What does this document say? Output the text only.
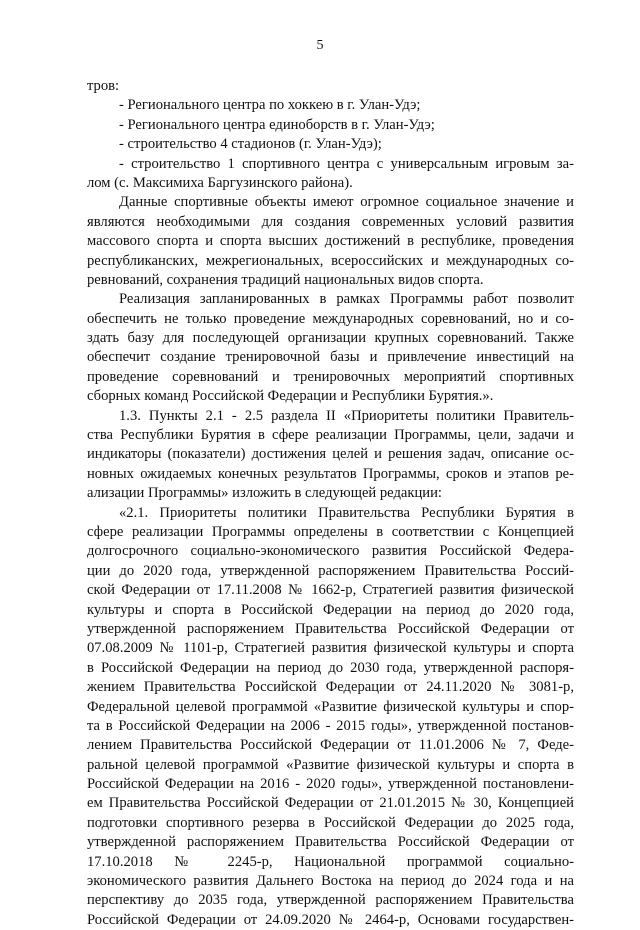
5
тров:
- Регионального центра по хоккею в г. Улан-Удэ;
- Регионального центра единоборств в г. Улан-Удэ;
- строительство 4 стадионов (г. Улан-Удэ);
- строительство 1 спортивного центра с универсальным игровым за-
лом (с. Максимиха Баргузинского района).
Данные спортивные объекты имеют огромное социальное значение и
являются необходимыми для создания современных условий развития
массового спорта и спорта высших достижений в республике, проведения
республиканских, межрегиональных, всероссийских и международных со-
ревнований, сохранения традиций национальных видов спорта.
Реализация запланированных в рамках Программы работ позволит
обеспечить не только проведение международных соревнований, но и со-
здать базу для последующей организации крупных соревнований. Также
обеспечит создание тренировочной базы и привлечение инвестиций на
проведение соревнований и тренировочных мероприятий спортивных
сборных команд Российской Федерации и Республики Бурятия.».
1.3. Пункты 2.1 - 2.5 раздела II «Приоритеты политики Правитель-
ства Республики Бурятия в сфере реализации Программы, цели, задачи и
индикаторы (показатели) достижения целей и решения задач, описание ос-
новных ожидаемых конечных результатов Программы, сроков и этапов ре-
ализации Программы» изложить в следующей редакции:
«2.1. Приоритеты политики Правительства Республики Бурятия в
сфере реализации Программы определены в соответствии с Концепцией
долгосрочного социально-экономического развития Российской Федера-
ции до 2020 года, утвержденной распоряжением Правительства Россий-
ской Федерации от 17.11.2008 № 1662-р, Стратегией развития физической
культуры и спорта в Российской Федерации на период до 2020 года,
утвержденной распоряжением Правительства Российской Федерации от
07.08.2009 № 1101-р, Стратегией развития физической культуры и спорта
в Российской Федерации на период до 2030 года, утвержденной распоря-
жением Правительства Российской Федерации от 24.11.2020 № 3081-р,
Федеральной целевой программой «Развитие физической культуры и спор-
та в Российской Федерации на 2006 - 2015 годы», утвержденной постанов-
лением Правительства Российской Федерации от 11.01.2006 № 7, Феде-
ральной целевой программой «Развитие физической культуры и спорта в
Российской Федерации на 2016 - 2020 годы», утвержденной постановлени-
ем Правительства Российской Федерации от 21.01.2015 № 30, Концепцией
подготовки спортивного резерва в Российской Федерации до 2025 года,
утвержденной распоряжением Правительства Российской Федерации от
17.10.2018 № 2245-р, Национальной программой социально-
экономического развития Дальнего Востока на период до 2024 года и на
перспективу до 2035 года, утвержденной распоряжением Правительства
Российской Федерации от 24.09.2020 № 2464-р, Основами государствен-
